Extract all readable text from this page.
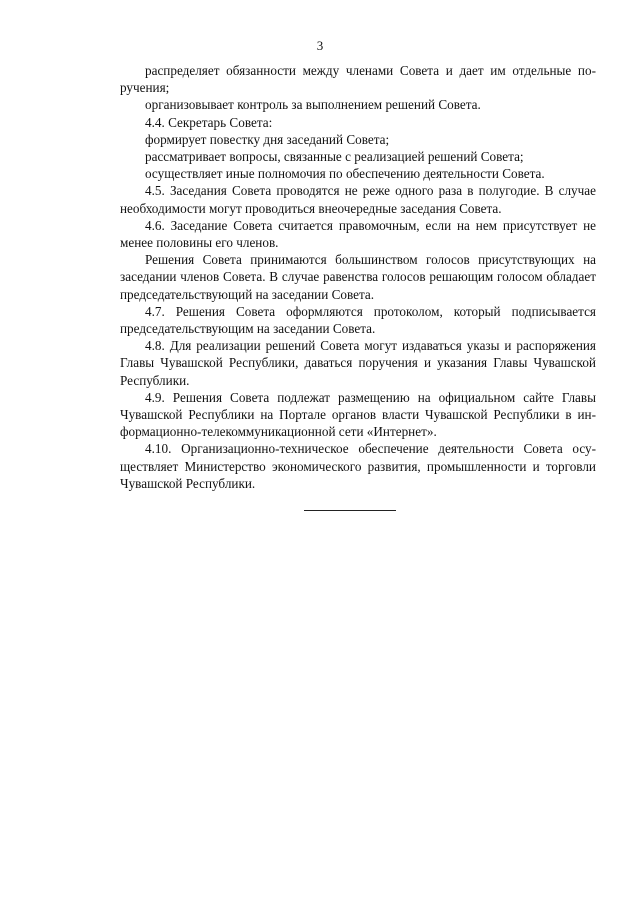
3

распределяет обязанности между членами Совета и дает им отдельные поручения;

организовывает контроль за выполнением решений Совета.

4.4. Секретарь Совета:

формирует повестку дня заседаний Совета;

рассматривает вопросы, связанные с реализацией решений Совета;

осуществляет иные полномочия по обеспечению деятельности Совета.

4.5. Заседания Совета проводятся не реже одного раза в полугодие. В случае необходимости могут проводиться внеочередные заседания Совета.

4.6. Заседание Совета считается правомочным, если на нем присутствует не менее половины его членов.

Решения Совета принимаются большинством голосов присутствующих на заседании членов Совета. В случае равенства голосов решающим голосом обладает председательствующий на заседании Совета.

4.7. Решения Совета оформляются протоколом, который подписывается председательствующим на заседании Совета.

4.8. Для реализации решений Совета могут издаваться указы и распоряжения Главы Чувашской Республики, даваться поручения и указания Главы Чувашской Республики.

4.9. Решения Совета подлежат размещению на официальном сайте Главы Чувашской Республики на Портале органов власти Чувашской Республики в информационно-телекоммуникационной сети «Интернет».

4.10. Организационно-техническое обеспечение деятельности Совета осуществляет Министерство экономического развития, промышленности и торговли Чувашской Республики.
